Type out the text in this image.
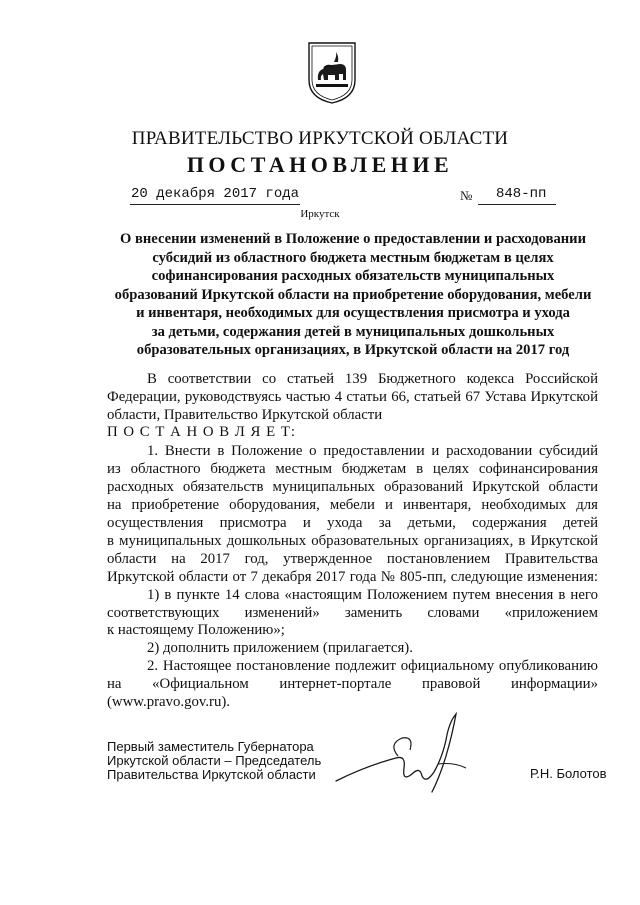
ПРАВИТЕЛЬСТВО ИРКУТСКОЙ ОБЛАСТИ
ПОСТАНОВЛЕНИЕ
20 декабря 2017 года	№ 848-пп
Иркутск
О внесении изменений в Положение о предоставлении и расходовании
субсидий из областного бюджета местным бюджетам в целях
софинансирования расходных обязательств муниципальных
образований Иркутской области на приобретение оборудования, мебели
и инвентаря, необходимых для осуществления присмотра и ухода
за детьми, содержания детей в муниципальных дошкольных
образовательных организациях, в Иркутской области на 2017 год
В соответствии со статьей 139 Бюджетного кодекса Российской
Федерации, руководствуясь частью 4 статьи 66, статьей 67 Устава Иркутской
области, Правительство Иркутской области
П О С Т А Н О В Л Я Е Т:
1. Внести в Положение о предоставлении и расходовании субсидий
из областного бюджета местным бюджетам в целях софинансирования
расходных обязательств муниципальных образований Иркутской области
на приобретение оборудования, мебели и инвентаря, необходимых для
осуществления присмотра и ухода за детьми, содержания детей
в муниципальных дошкольных образовательных организациях, в Иркутской
области на 2017 год, утвержденное постановлением Правительства
Иркутской области от 7 декабря 2017 года № 805-пп, следующие изменения:
1) в пункте 14 слова «настоящим Положением путем внесения в него
соответствующих изменений» заменить словами «приложением
к настоящему Положению»;
2) дополнить приложением (прилагается).
2. Настоящее постановление подлежит официальному опубликованию
на «Официальном интернет-портале правовой информации»
(www.pravo.gov.ru).
Первый заместитель Губернатора
Иркутской области – Председатель
Правительства Иркутской области	Р.Н. Болотов
